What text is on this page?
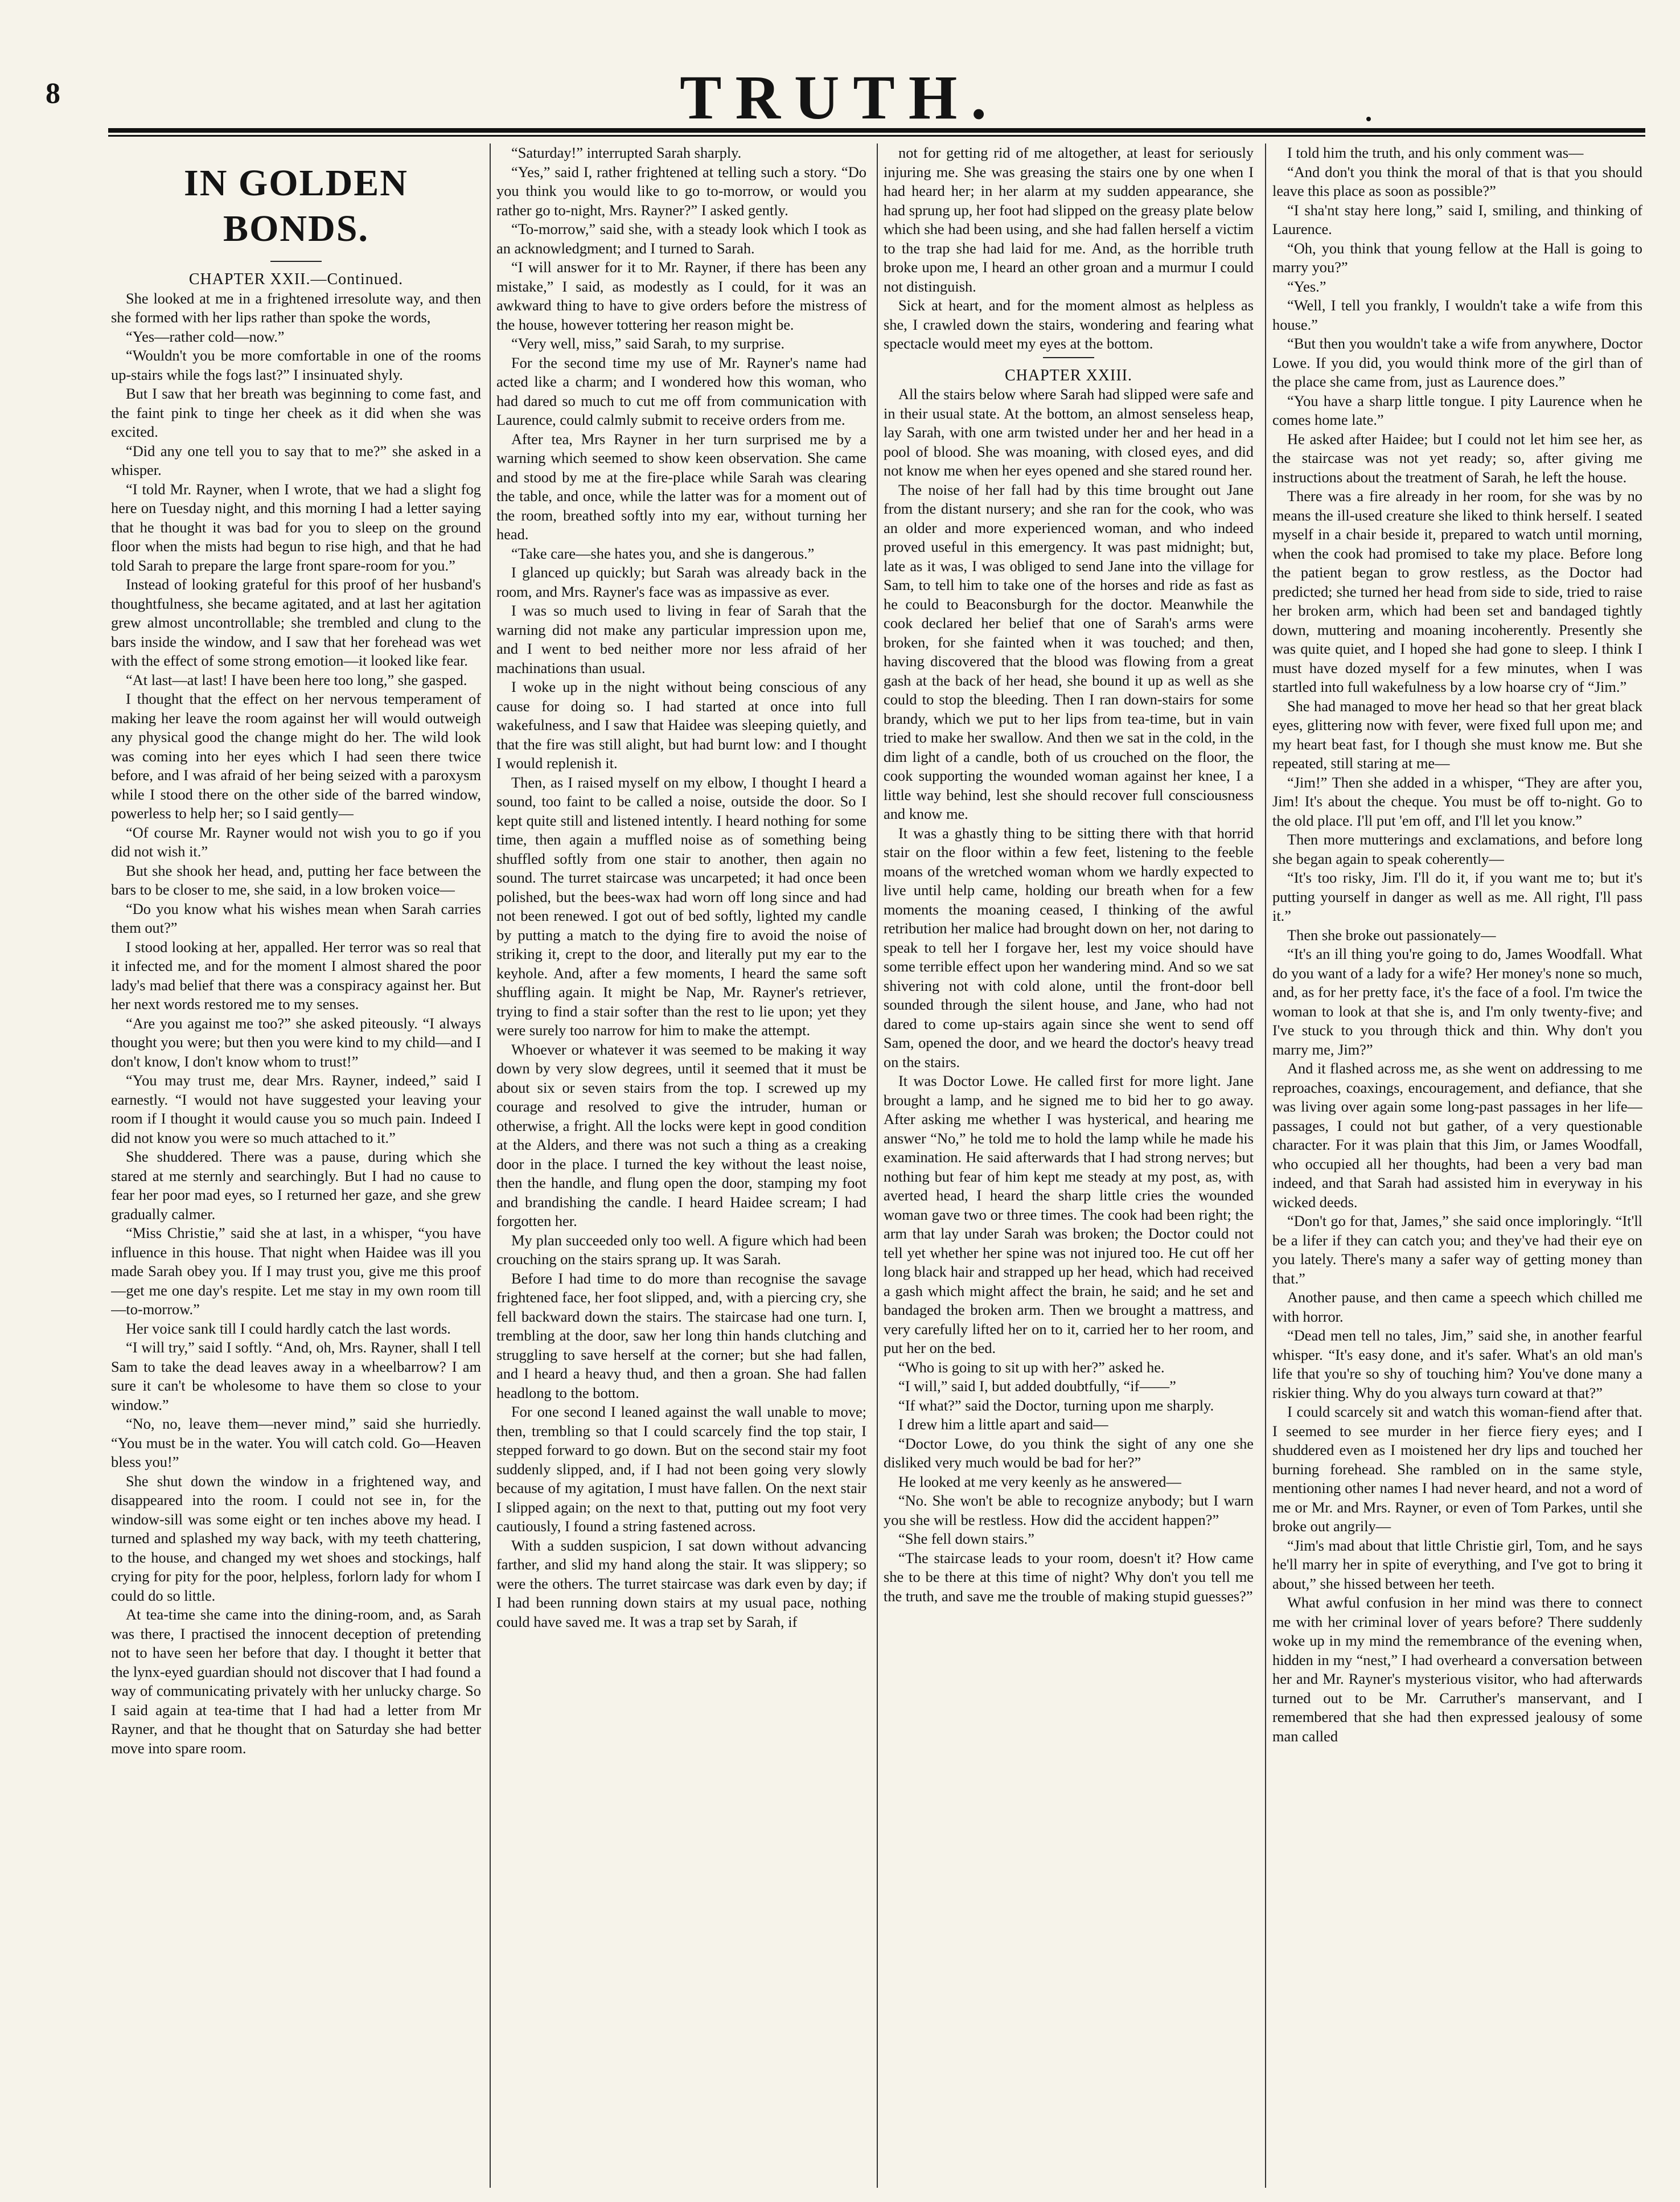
8	TRUTH.
IN GOLDEN BONDS.

CHAPTER XXII.—Continued.

She looked at me in a frightened irresolute way, and then she formed with her lips rather than spoke the words,

“Yes—rather cold—now.”

“Wouldn't you be more comfortable in one of the rooms up-stairs while the fogs last?” I insinuated shyly.

But I saw that her breath was beginning to come fast, and the faint pink to tinge her cheek as it did when she was excited.

“Did any one tell you to say that to me?” she asked in a whisper.

“I told Mr. Rayner, when I wrote, that we had a slight fog here on Tuesday night, and this morning I had a letter saying that he thought it was bad for you to sleep on the ground floor when the mists had begun to rise high, and that he had told Sarah to prepare the large front spare-room for you.”

Instead of looking grateful for this proof of her husband's thoughtfulness, she became agitated, and at last her agitation grew almost uncontrollable; she trembled and clung to the bars inside the window, and I saw that her forehead was wet with the effect of some strong emotion—it looked like fear.

“At last—at last! I have been here too long,” she gasped.

I thought that the effect on her nervous temperament of making her leave the room against her will would outweigh any physical good the change might do her. The wild look was coming into her eyes which I had seen there twice before, and I was afraid of her being seized with a paroxysm while I stood there on the other side of the barred window, powerless to help her; so I said gently—

“Of course Mr. Rayner would not wish you to go if you did not wish it.”

But she shook her head, and, putting her face between the bars to be closer to me, she said, in a low broken voice—

“Do you know what his wishes mean when Sarah carries them out?”

I stood looking at her, appalled. Her terror was so real that it infected me, and for the moment I almost shared the poor lady's mad belief that there was a conspiracy against her. But her next words restored me to my senses.

“Are you against me too?” she asked piteously. “I always thought you were; but then you were kind to my child—and I don't know, I don't know whom to trust!”

“You may trust me, dear Mrs. Rayner, indeed,” said I earnestly. “I would not have suggested your leaving your room if I thought it would cause you so much pain. Indeed I did not know you were so much attached to it.”

She shuddered. There was a pause, during which she stared at me sternly and searchingly. But I had no cause to fear her poor mad eyes, so I returned her gaze, and she grew gradually calmer.

“Miss Christie,” said she at last, in a whisper, “you have influence in this house. That night when Haidee was ill you made Sarah obey you. If I may trust you, give me this proof—get me one day's respite. Let me stay in my own room till—to-morrow.”

Her voice sank till I could hardly catch the last words.

“I will try,” said I softly. “And, oh, Mrs. Rayner, shall I tell Sam to take the dead leaves away in a wheelbarrow? I am sure it can't be wholesome to have them so close to your window.”

“No, no, leave them—never mind,” said she hurriedly. “You must be in the water. You will catch cold. Go—Heaven bless you!”

She shut down the window in a frightened way, and disappeared into the room. I could not see in, for the window-sill was some eight or ten inches above my head. I turned and splashed my way back, with my teeth chattering, to the house, and changed my wet shoes and stockings, half crying for pity for the poor, helpless, forlorn lady for whom I could do so little.

At tea-time she came into the dining-room, and, as Sarah was there, I practised the innocent deception of pretending not to have seen her before that day. I thought it better that the lynx-eyed guardian should not discover that I had found a way of communicating privately with her unlucky charge. So I said again at tea-time that I had had a letter from Mr Rayner, and that he thought that on Saturday she had better move into spare room.

“Saturday!” interrupted Sarah sharply.

“Yes,” said I, rather frightened at telling such a story. “Do you think you would like to go to-morrow, or would you rather go to-night, Mrs. Rayner?” I asked gently.

“To-morrow,” said she, with a steady look which I took as an acknowledgment; and I turned to Sarah.

“I will answer for it to Mr. Rayner, if there has been any mistake,” I said, as modestly as I could, for it was an awkward thing to have to give orders before the mistress of the house, however tottering her reason might be.

“Very well, miss,” said Sarah, to my surprise.

For the second time my use of Mr. Rayner's name had acted like a charm; and I wondered how this woman, who had dared so much to cut me off from communication with Laurence, could calmly submit to receive orders from me.

After tea, Mrs Rayner in her turn surprised me by a warning which seemed to show keen observation. She came and stood by me at the fire-place while Sarah was clearing the table, and once, while the latter was for a moment out of the room, breathed softly into my ear, without turning her head.

“Take care—she hates you, and she is dangerous.”

I glanced up quickly; but Sarah was already back in the room, and Mrs. Rayner's face was as impassive as ever.

I was so much used to living in fear of Sarah that the warning did not make any particular impression upon me, and I went to bed neither more nor less afraid of her machinations than usual.

I woke up in the night without being conscious of any cause for doing so. I had started at once into full wakefulness, and I saw that Haidee was sleeping quietly, and that the fire was still alight, but had burnt low: and I thought I would replenish it.

Then, as I raised myself on my elbow, I thought I heard a sound, too faint to be called a noise, outside the door. So I kept quite still and listened intently. I heard nothing for some time, then again a muffled noise as of something being shuffled softly from one stair to another, then again no sound. The turret staircase was uncarpeted; it had once been polished, but the bees-wax had worn off long since and had not been renewed. I got out of bed softly, lighted my candle by putting a match to the dying fire to avoid the noise of striking it, crept to the door, and literally put my ear to the keyhole. And, after a few moments, I heard the same soft shuffling again. It might be Nap, Mr. Rayner's retriever, trying to find a stair softer than the rest to lie upon; yet they were surely too narrow for him to make the attempt.

Whoever or whatever it was seemed to be making it way down by very slow degrees, until it seemed that it must be about six or seven stairs from the top. I screwed up my courage and resolved to give the intruder, human or otherwise, a fright. All the locks were kept in good condition at the Alders, and there was not such a thing as a creaking door in the place. I turned the key without the least noise, then the handle, and flung open the door, stamping my foot and brandishing the candle. I heard Haidee scream; I had forgotten her.

My plan succeeded only too well. A figure which had been crouching on the stairs sprang up. It was Sarah.

Before I had time to do more than recognise the savage frightened face, her foot slipped, and, with a piercing cry, she fell backward down the stairs. The staircase had one turn. I, trembling at the door, saw her long thin hands clutching and struggling to save herself at the corner; but she had fallen, and I heard a heavy thud, and then a groan. She had fallen headlong to the bottom.

For one second I leaned against the wall unable to move; then, trembling so that I could scarcely find the top stair, I stepped forward to go down. But on the second stair my foot suddenly slipped, and, if I had not been going very slowly because of my agitation, I must have fallen. On the next stair I slipped again; on the next to that, putting out my foot very cautiously, I found a string fastened across.

With a sudden suspicion, I sat down without advancing farther, and slid my hand along the stair. It was slippery; so were the others. The turret staircase was dark even by day; if I had been running down stairs at my usual pace, nothing could have saved me. It was a trap set by Sarah, if

not for getting rid of me altogether, at least for seriously injuring me. She was greasing the stairs one by one when I had heard her; in her alarm at my sudden appearance, she had sprung up, her foot had slipped on the greasy plate below which she had been using, and she had fallen herself a victim to the trap she had laid for me. And, as the horrible truth broke upon me, I heard an other groan and a murmur I could not distinguish.

Sick at heart, and for the moment almost as helpless as she, I crawled down the stairs, wondering and fearing what spectacle would meet my eyes at the bottom.

CHAPTER XXIII.

All the stairs below where Sarah had slipped were safe and in their usual state. At the bottom, an almost senseless heap, lay Sarah, with one arm twisted under her and her head in a pool of blood. She was moaning, with closed eyes, and did not know me when her eyes opened and she stared round her.

The noise of her fall had by this time brought out Jane from the distant nursery; and she ran for the cook, who was an older and more experienced woman, and who indeed proved useful in this emergency. It was past midnight; but, late as it was, I was obliged to send Jane into the village for Sam, to tell him to take one of the horses and ride as fast as he could to Beaconsburgh for the doctor. Meanwhile the cook declared her belief that one of Sarah's arms were broken, for she fainted when it was touched; and then, having discovered that the blood was flowing from a great gash at the back of her head, she bound it up as well as she could to stop the bleeding. Then I ran down-stairs for some brandy, which we put to her lips from tea-time, but in vain tried to make her swallow. And then we sat in the cold, in the dim light of a candle, both of us crouched on the floor, the cook supporting the wounded woman against her knee, I a little way behind, lest she should recover full consciousness and know me.

It was a ghastly thing to be sitting there with that horrid stair on the floor within a few feet, listening to the feeble moans of the wretched woman whom we hardly expected to live until help came, holding our breath when for a few moments the moaning ceased, I thinking of the awful retribution her malice had brought down on her, not daring to speak to tell her I forgave her, lest my voice should have some terrible effect upon her wandering mind. And so we sat shivering not with cold alone, until the front-door bell sounded through the silent house, and Jane, who had not dared to come up-stairs again since she went to send off Sam, opened the door, and we heard the doctor's heavy tread on the stairs.

It was Doctor Lowe. He called first for more light. Jane brought a lamp, and he signed me to bid her to go away. After asking me whether I was hysterical, and hearing me answer “No,” he told me to hold the lamp while he made his examination. He said afterwards that I had strong nerves; but nothing but fear of him kept me steady at my post, as, with averted head, I heard the sharp little cries the wounded woman gave two or three times. The cook had been right; the arm that lay under Sarah was broken; the Doctor could not tell yet whether her spine was not injured too. He cut off her long black hair and strapped up her head, which had received a gash which might affect the brain, he said; and he set and bandaged the broken arm. Then we brought a mattress, and very carefully lifted her on to it, carried her to her room, and put her on the bed.

“Who is going to sit up with her?” asked he.

“I will,” said I, but added doubtfully, “if——”

“If what?” said the Doctor, turning upon me sharply.

I drew him a little apart and said—

“Doctor Lowe, do you think the sight of any one she disliked very much would be bad for her?”

He looked at me very keenly as he answered—

“No. She won't be able to recognize anybody; but I warn you she will be restless. How did the accident happen?”

“She fell down stairs.”

“The staircase leads to your room, doesn't it? How came she to be there at this time of night? Why don't you tell me the truth, and save me the trouble of making stupid guesses?”

I told him the truth, and his only comment was—

“And don't you think the moral of that is that you should leave this place as soon as possible?”

“I sha'nt stay here long,” said I, smiling, and thinking of Laurence.

“Oh, you think that young fellow at the Hall is going to marry you?”

“Yes.”

“Well, I tell you frankly, I wouldn't take a wife from this house.”

“But then you wouldn't take a wife from anywhere, Doctor Lowe. If you did, you would think more of the girl than of the place she came from, just as Laurence does.”

“You have a sharp little tongue. I pity Laurence when he comes home late.”

He asked after Haidee; but I could not let him see her, as the staircase was not yet ready; so, after giving me instructions about the treatment of Sarah, he left the house.

There was a fire already in her room, for she was by no means the ill-used creature she liked to think herself. I seated myself in a chair beside it, prepared to watch until morning, when the cook had promised to take my place. Before long the patient began to grow restless, as the Doctor had predicted; she turned her head from side to side, tried to raise her broken arm, which had been set and bandaged tightly down, muttering and moaning incoherently. Presently she was quite quiet, and I hoped she had gone to sleep. I think I must have dozed myself for a few minutes, when I was startled into full wakefulness by a low hoarse cry of “Jim.”

She had managed to move her head so that her great black eyes, glittering now with fever, were fixed full upon me; and my heart beat fast, for I though she must know me. But she repeated, still staring at me—

“Jim!” Then she added in a whisper, “They are after you, Jim! It's about the cheque. You must be off to-night. Go to the old place. I'll put 'em off, and I'll let you know.”

Then more mutterings and exclamations, and before long she began again to speak coherently—

“It's too risky, Jim. I'll do it, if you want me to; but it's putting yourself in danger as well as me. All right, I'll pass it.”

Then she broke out passionately—

“It's an ill thing you're going to do, James Woodfall. What do you want of a lady for a wife? Her money's none so much, and, as for her pretty face, it's the face of a fool. I'm twice the woman to look at that she is, and I'm only twenty-five; and I've stuck to you through thick and thin. Why don't you marry me, Jim?”

And it flashed across me, as she went on addressing to me reproaches, coaxings, encouragement, and defiance, that she was living over again some long-past passages in her life—passages, I could not but gather, of a very questionable character. For it was plain that this Jim, or James Woodfall, who occupied all her thoughts, had been a very bad man indeed, and that Sarah had assisted him in everyway in his wicked deeds.

“Don't go for that, James,” she said once imploringly. “It'll be a lifer if they can catch you; and they've had their eye on you lately. There's many a safer way of getting money than that.”

Another pause, and then came a speech which chilled me with horror.

“Dead men tell no tales, Jim,” said she, in another fearful whisper. “It's easy done, and it's safer. What's an old man's life that you're so shy of touching him? You've done many a riskier thing. Why do you always turn coward at that?”

I could scarcely sit and watch this woman-fiend after that. I seemed to see murder in her fierce fiery eyes; and I shuddered even as I moistened her dry lips and touched her burning forehead. She rambled on in the same style, mentioning other names I had never heard, and not a word of me or Mr. and Mrs. Rayner, or even of Tom Parkes, until she broke out angrily—

“Jim's mad about that little Christie girl, Tom, and he says he'll marry her in spite of everything, and I've got to bring it about,” she hissed between her teeth.

What awful confusion in her mind was there to connect me with her criminal lover of years before? There suddenly woke up in my mind the remembrance of the evening when, hidden in my “nest,” I had overheard a conversation between her and Mr. Rayner's mysterious visitor, who had afterwards turned out to be Mr. Carruther's manservant, and I remembered that she had then expressed jealousy of some man called
